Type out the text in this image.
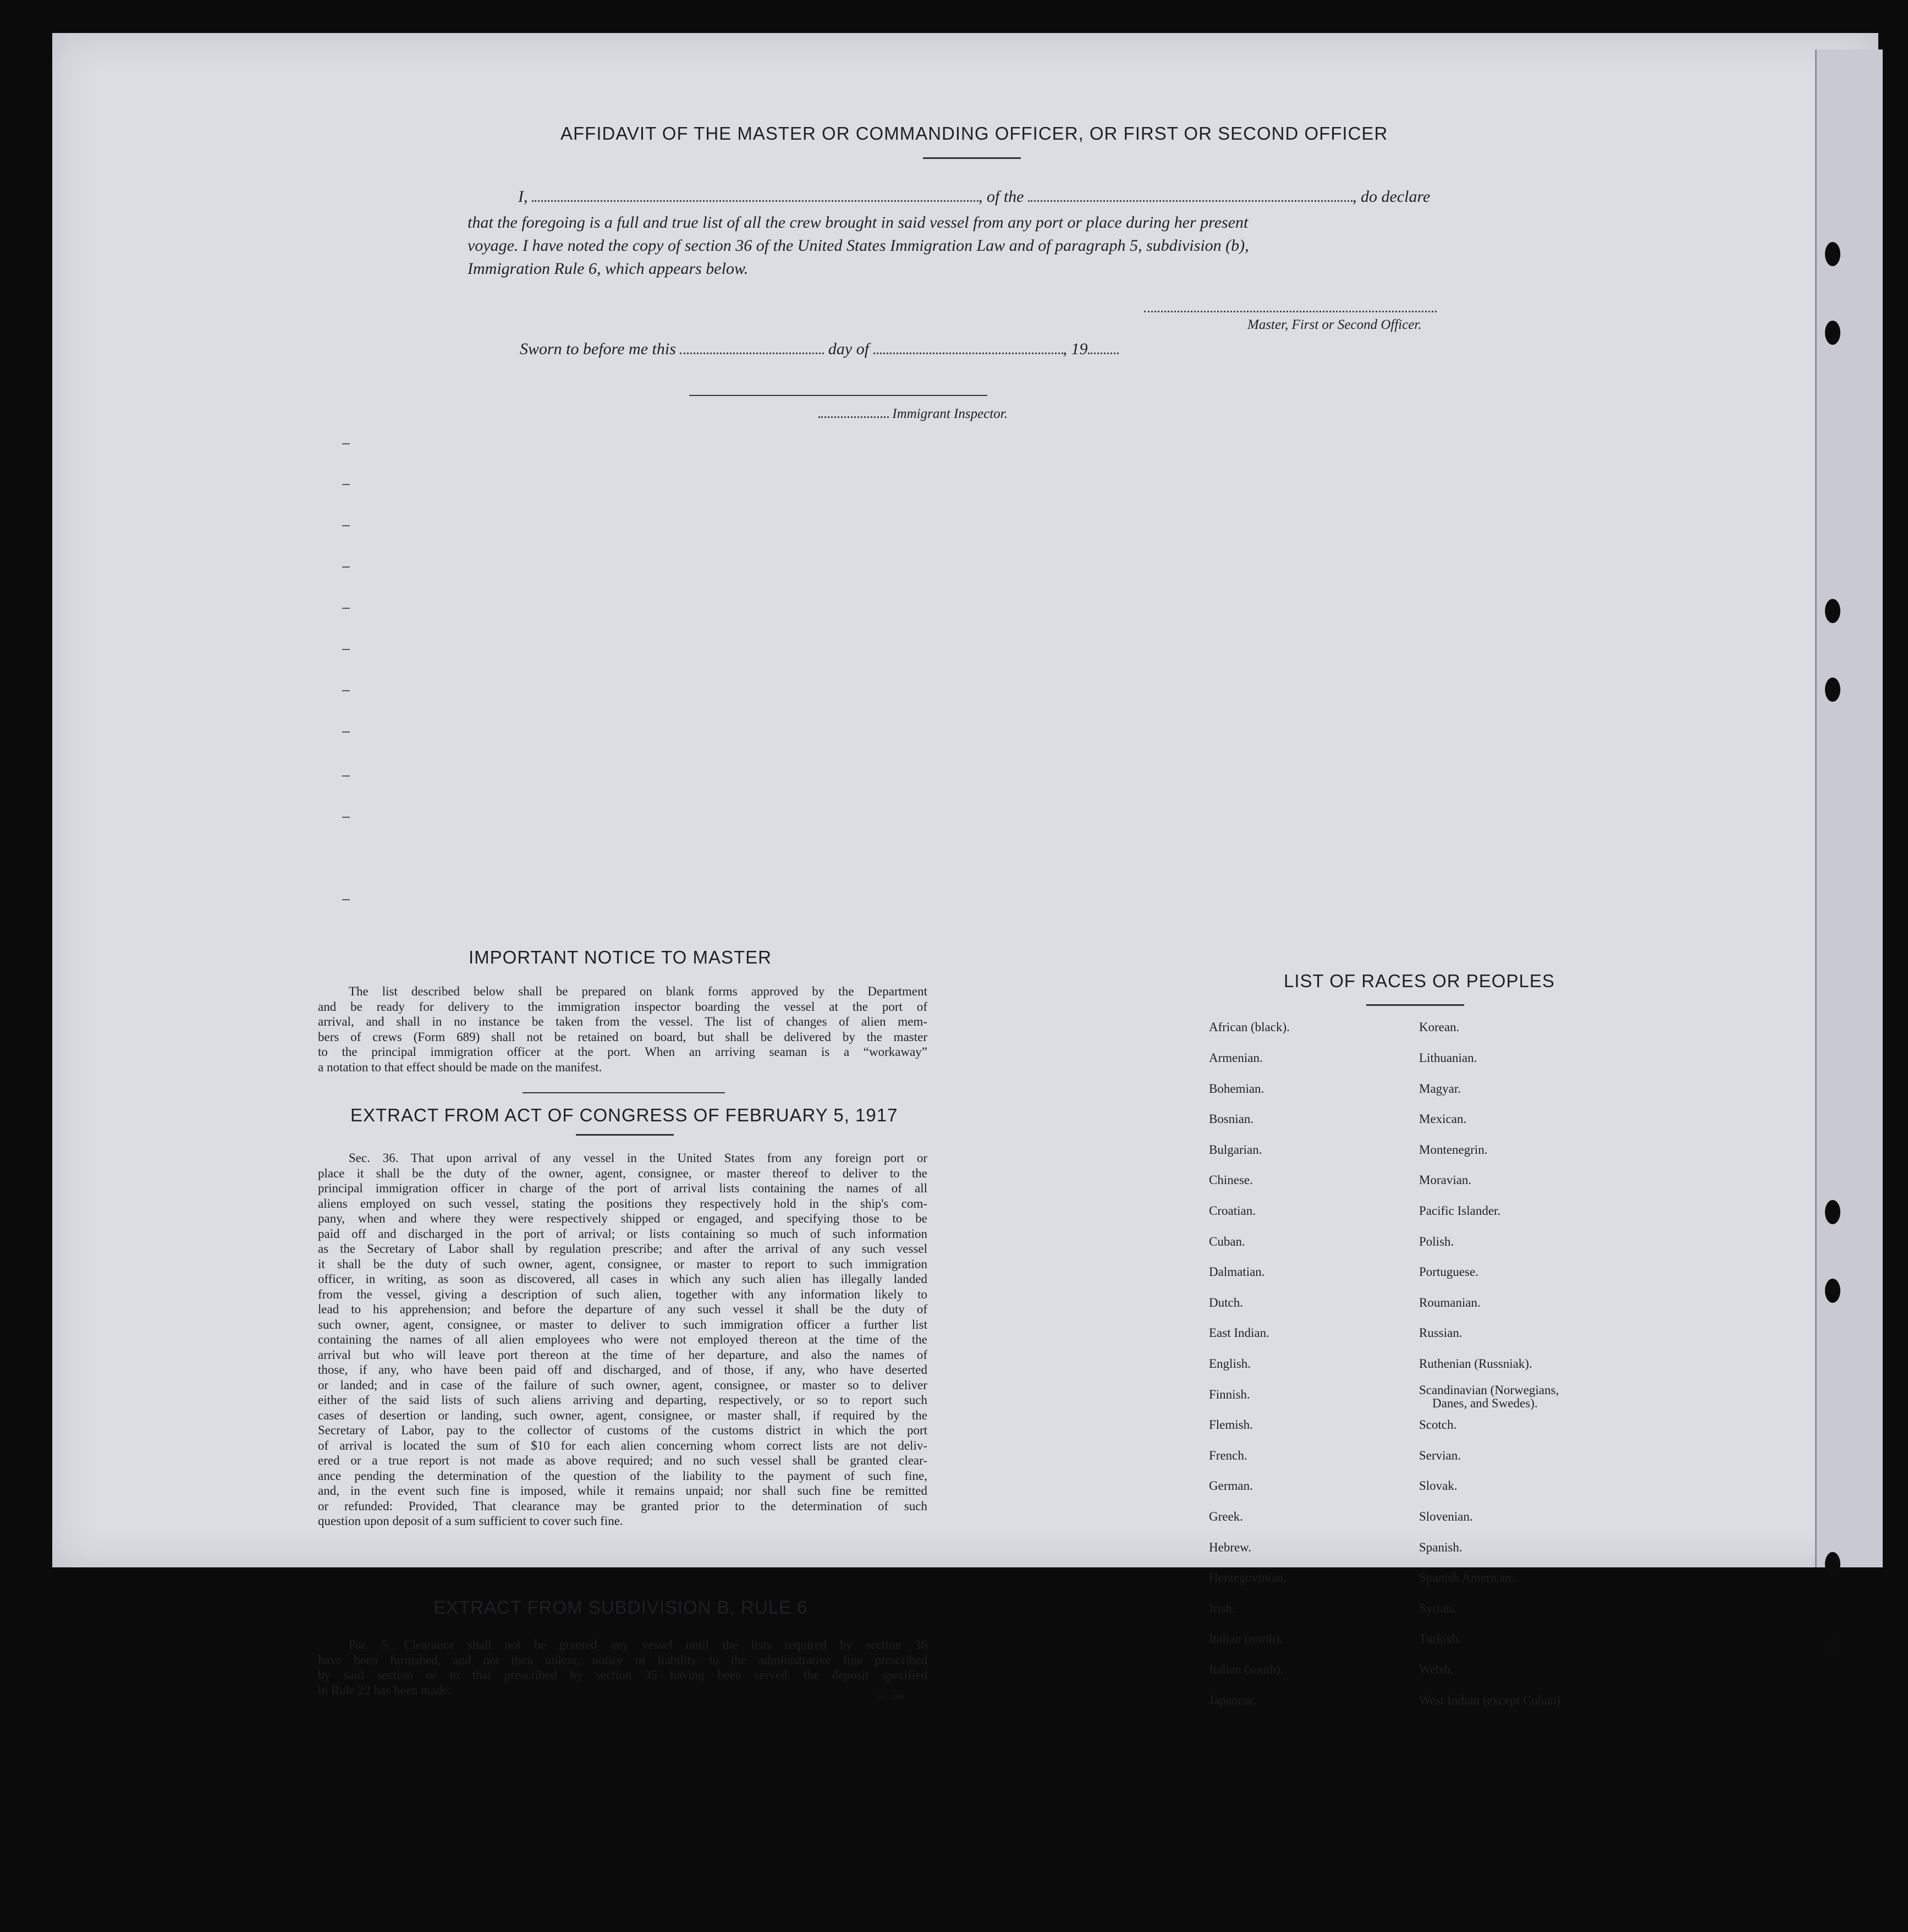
AFFIDAVIT OF THE MASTER OR COMMANDING OFFICER, OR FIRST OR SECOND OFFICER
I,	, of the	, do declare
that the foregoing is a full and true list of all the crew brought in said vessel from any port or place during her present
voyage. I have noted the copy of section 36 of the United States Immigration Law and of paragraph 5, subdivision (b),
Immigration Rule 6, which appears below.
Master, First or Second Officer.
Sworn to before me this	day of	, 19
Immigrant Inspector.
IMPORTANT NOTICE TO MASTER
The list described below shall be prepared on blank forms approved by the Department
and be ready for delivery to the immigration inspector boarding the vessel at the port of
arrival, and shall in no instance be taken from the vessel. The list of changes of alien mem-
bers of crews (Form 689) shall not be retained on board, but shall be delivered by the master
to the principal immigration officer at the port. When an arriving seaman is a “workaway”
a notation to that effect should be made on the manifest.
EXTRACT FROM ACT OF CONGRESS OF FEBRUARY 5, 1917
Sec. 36. That upon arrival of any vessel in the United States from any foreign port or
place it shall be the duty of the owner, agent, consignee, or master thereof to deliver to the
principal immigration officer in charge of the port of arrival lists containing the names of all
aliens employed on such vessel, stating the positions they respectively hold in the ship's com-
pany, when and where they were respectively shipped or engaged, and specifying those to be
paid off and discharged in the port of arrival; or lists containing so much of such information
as the Secretary of Labor shall by regulation prescribe; and after the arrival of any such vessel
it shall be the duty of such owner, agent, consignee, or master to report to such immigration
officer, in writing, as soon as discovered, all cases in which any such alien has illegally landed
from the vessel, giving a description of such alien, together with any information likely to
lead to his apprehension; and before the departure of any such vessel it shall be the duty of
such owner, agent, consignee, or master to deliver to such immigration officer a further list
containing the names of all alien employees who were not employed thereon at the time of the
arrival but who will leave port thereon at the time of her departure, and also the names of
those, if any, who have been paid off and discharged, and of those, if any, who have deserted
or landed; and in case of the failure of such owner, agent, consignee, or master so to deliver
either of the said lists of such aliens arriving and departing, respectively, or so to report such
cases of desertion or landing, such owner, agent, consignee, or master shall, if required by the
Secretary of Labor, pay to the collector of customs of the customs district in which the port
of arrival is located the sum of $10 for each alien concerning whom correct lists are not deliv-
ered or a true report is not made as above required; and no such vessel shall be granted clear-
ance pending the determination of the question of the liability to the payment of such fine,
and, in the event such fine is imposed, while it remains unpaid; nor shall such fine be remitted
or refunded: Provided, That clearance may be granted prior to the determination of such
question upon deposit of a sum sufficient to cover such fine.
EXTRACT FROM SUBDIVISION B, RULE 6
Par. 5. Clearance shall not be granted any vessel until the lists required by section 36
have been furnished, and not then unless, notice of liability to the administrative fine prescribed
by said section or to that prescribed by section 35 having been served, the deposit specified
in Rule 22 has been made.	14—1240
LIST OF RACES OR PEOPLES
African (black).
Armenian.
Bohemian.
Bosnian.
Bulgarian.
Chinese.
Croatian.
Cuban.
Dalmatian.
Dutch.
East Indian.
English.
Finnish.
Flemish.
French.
German.
Greek.
Hebrew.
Herzegovinian.
Irish.
Italian (north).
Italian (south).
Japanese.
Korean.
Lithuanian.
Magyar.
Mexican.
Montenegrin.
Moravian.
Pacific Islander.
Polish.
Portuguese.
Roumanian.
Russian.
Ruthenian (Russniak).
Scandinavian (Norwegians,
Danes, and Swedes).
Scotch.
Servian.
Slovak.
Slovenian.
Spanish.
Spanish American.
Syrian.
Turkish.
Welsh.
West Indian (except Cuban)
